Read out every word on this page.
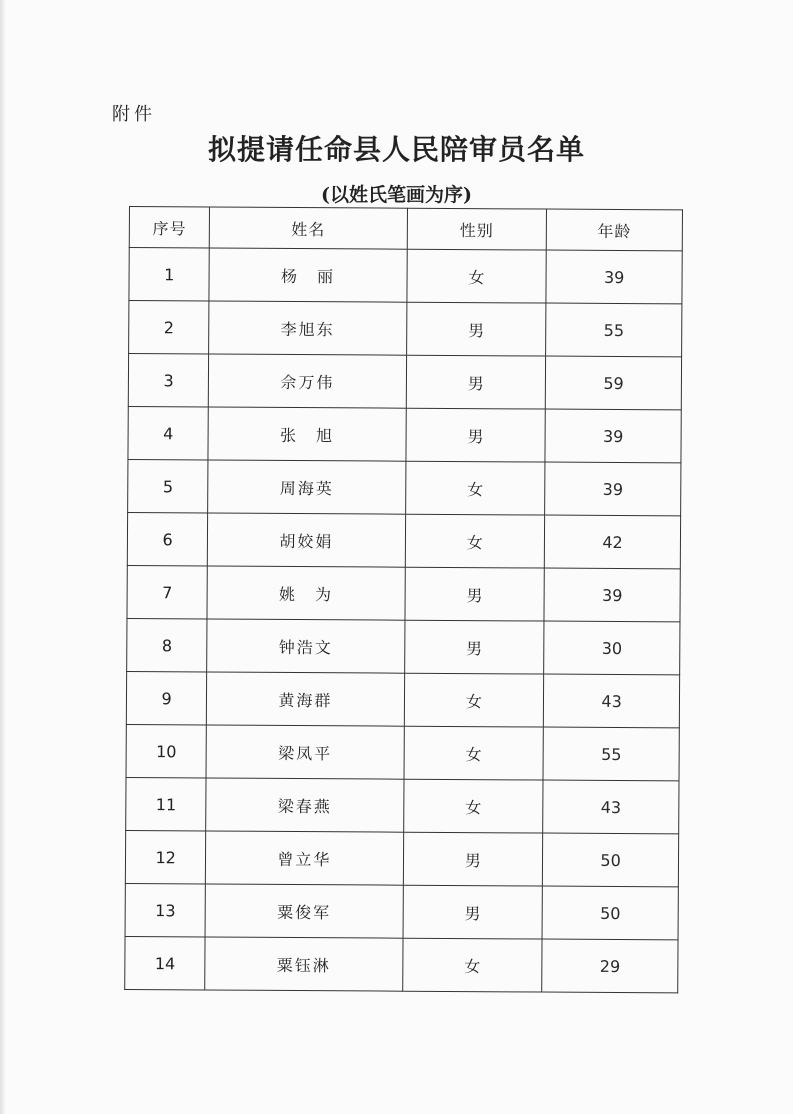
附件
拟提请任命县人民陪审员名单
(以姓氏笔画为序)
序号	姓名	性别	年龄
1	杨　丽	女	39
2	李旭东	男	55
3	佘万伟	男	59
4	张　旭	男	39
5	周海英	女	39
6	胡姣娟	女	42
7	姚　为	男	39
8	钟浩文	男	30
9	黄海群	女	43
10	梁凤平	女	55
11	梁春燕	女	43
12	曾立华	男	50
13	粟俊军	男	50
14	粟钰淋	女	29
